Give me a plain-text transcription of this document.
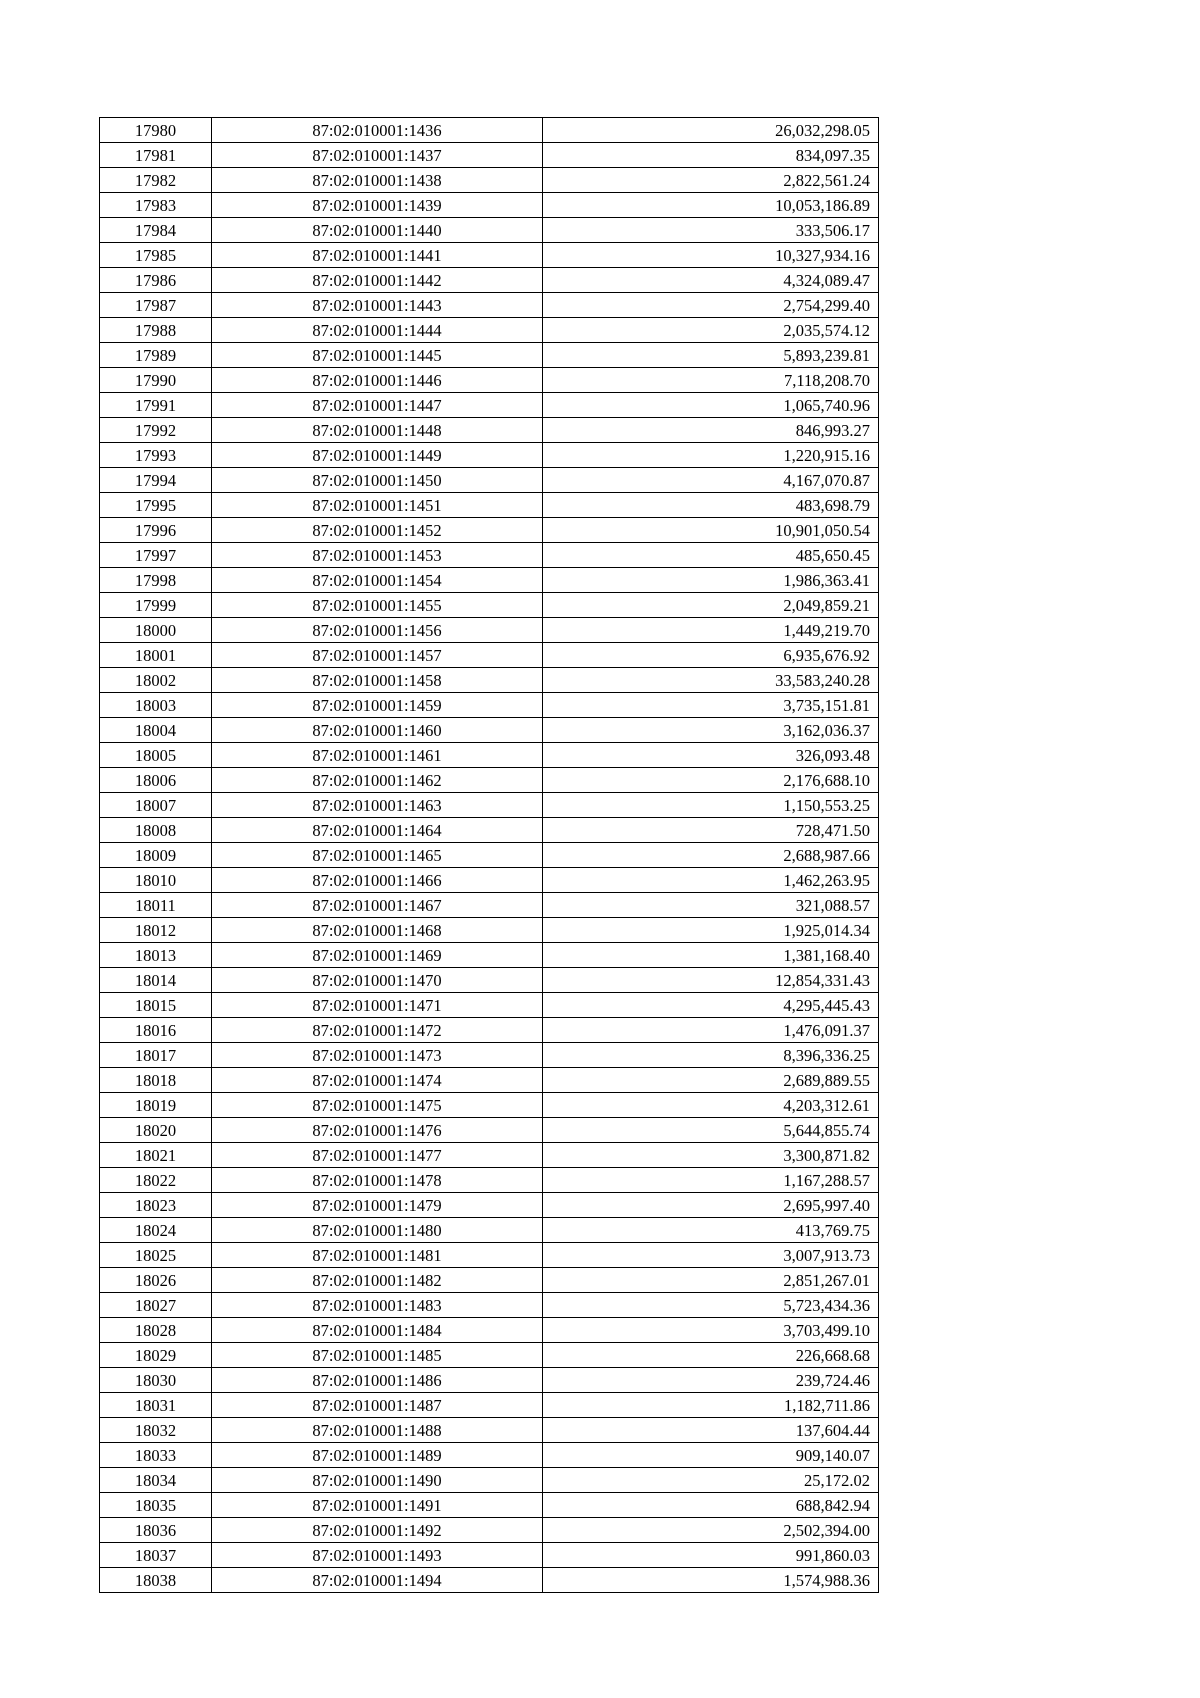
17980	87:02:010001:1436	26,032,298.05
17981	87:02:010001:1437	834,097.35
17982	87:02:010001:1438	2,822,561.24
17983	87:02:010001:1439	10,053,186.89
17984	87:02:010001:1440	333,506.17
17985	87:02:010001:1441	10,327,934.16
17986	87:02:010001:1442	4,324,089.47
17987	87:02:010001:1443	2,754,299.40
17988	87:02:010001:1444	2,035,574.12
17989	87:02:010001:1445	5,893,239.81
17990	87:02:010001:1446	7,118,208.70
17991	87:02:010001:1447	1,065,740.96
17992	87:02:010001:1448	846,993.27
17993	87:02:010001:1449	1,220,915.16
17994	87:02:010001:1450	4,167,070.87
17995	87:02:010001:1451	483,698.79
17996	87:02:010001:1452	10,901,050.54
17997	87:02:010001:1453	485,650.45
17998	87:02:010001:1454	1,986,363.41
17999	87:02:010001:1455	2,049,859.21
18000	87:02:010001:1456	1,449,219.70
18001	87:02:010001:1457	6,935,676.92
18002	87:02:010001:1458	33,583,240.28
18003	87:02:010001:1459	3,735,151.81
18004	87:02:010001:1460	3,162,036.37
18005	87:02:010001:1461	326,093.48
18006	87:02:010001:1462	2,176,688.10
18007	87:02:010001:1463	1,150,553.25
18008	87:02:010001:1464	728,471.50
18009	87:02:010001:1465	2,688,987.66
18010	87:02:010001:1466	1,462,263.95
18011	87:02:010001:1467	321,088.57
18012	87:02:010001:1468	1,925,014.34
18013	87:02:010001:1469	1,381,168.40
18014	87:02:010001:1470	12,854,331.43
18015	87:02:010001:1471	4,295,445.43
18016	87:02:010001:1472	1,476,091.37
18017	87:02:010001:1473	8,396,336.25
18018	87:02:010001:1474	2,689,889.55
18019	87:02:010001:1475	4,203,312.61
18020	87:02:010001:1476	5,644,855.74
18021	87:02:010001:1477	3,300,871.82
18022	87:02:010001:1478	1,167,288.57
18023	87:02:010001:1479	2,695,997.40
18024	87:02:010001:1480	413,769.75
18025	87:02:010001:1481	3,007,913.73
18026	87:02:010001:1482	2,851,267.01
18027	87:02:010001:1483	5,723,434.36
18028	87:02:010001:1484	3,703,499.10
18029	87:02:010001:1485	226,668.68
18030	87:02:010001:1486	239,724.46
18031	87:02:010001:1487	1,182,711.86
18032	87:02:010001:1488	137,604.44
18033	87:02:010001:1489	909,140.07
18034	87:02:010001:1490	25,172.02
18035	87:02:010001:1491	688,842.94
18036	87:02:010001:1492	2,502,394.00
18037	87:02:010001:1493	991,860.03
18038	87:02:010001:1494	1,574,988.36
